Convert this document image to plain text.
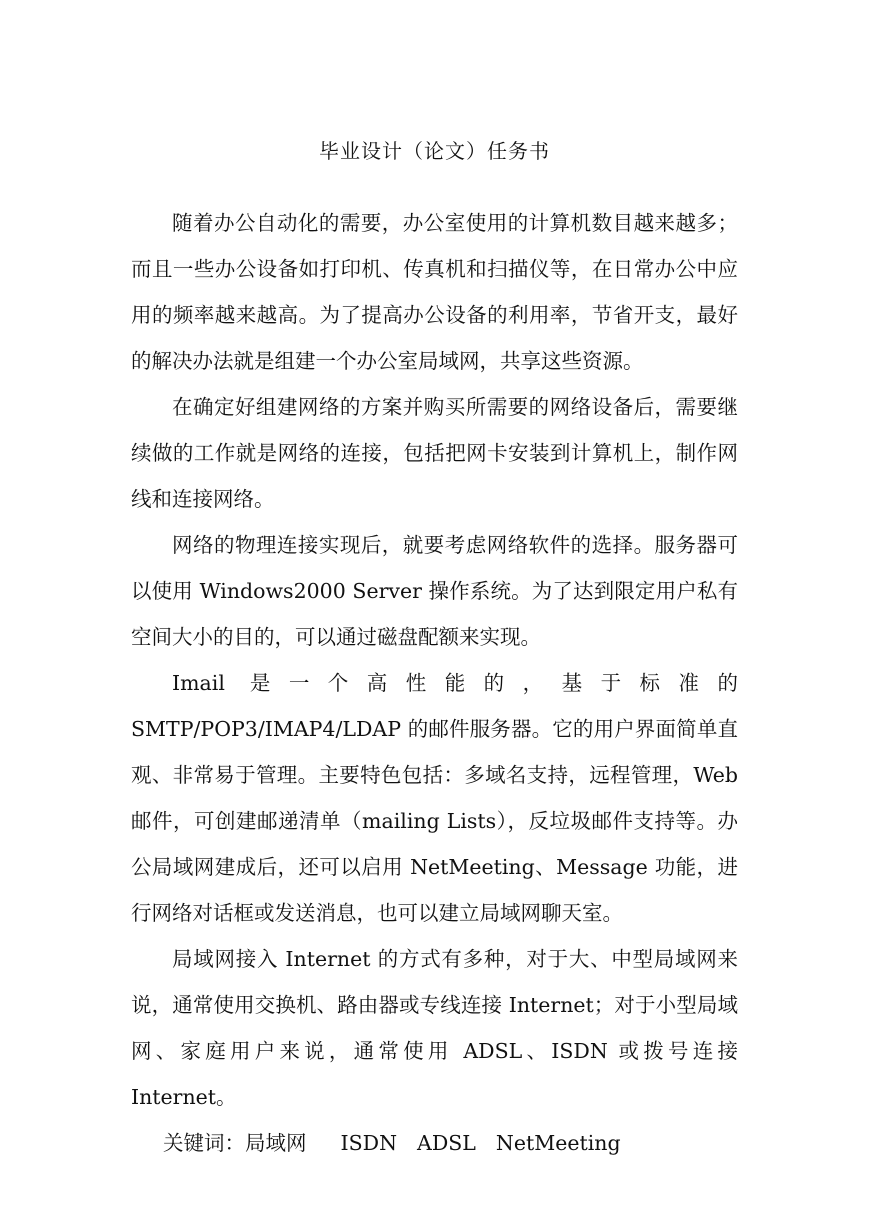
毕业设计（论文）任务书

随着办公自动化的需要，办公室使用的计算机数目越来越多；而且一些办公设备如打印机、传真机和扫描仪等，在日常办公中应用的频率越来越高。为了提高办公设备的利用率，节省开支，最好的解决办法就是组建一个办公室局域网，共享这些资源。

在确定好组建网络的方案并购买所需要的网络设备后，需要继续做的工作就是网络的连接，包括把网卡安装到计算机上，制作网线和连接网络。

网络的物理连接实现后，就要考虑网络软件的选择。服务器可以使用 Windows2000 Server 操作系统。为了达到限定用户私有空间大小的目的，可以通过磁盘配额来实现。

Imail 是一个高性能的，基于标准的 SMTP/POP3/IMAP4/LDAP 的邮件服务器。它的用户界面简单直观、非常易于管理。主要特色包括：多域名支持，远程管理，Web 邮件，可创建邮递清单（mailing Lists），反垃圾邮件支持等。办公局域网建成后，还可以启用 NetMeeting、Message 功能，进行网络对话框或发送消息，也可以建立局域网聊天室。

局域网接入 Internet 的方式有多种，对于大、中型局域网来说，通常使用交换机、路由器或专线连接 Internet；对于小型局域网、家庭用户来说，通常使用 ADSL、ISDN 或拨号连接 Internet。

关键词：局域网 ISDN ADSL NetMeeting
